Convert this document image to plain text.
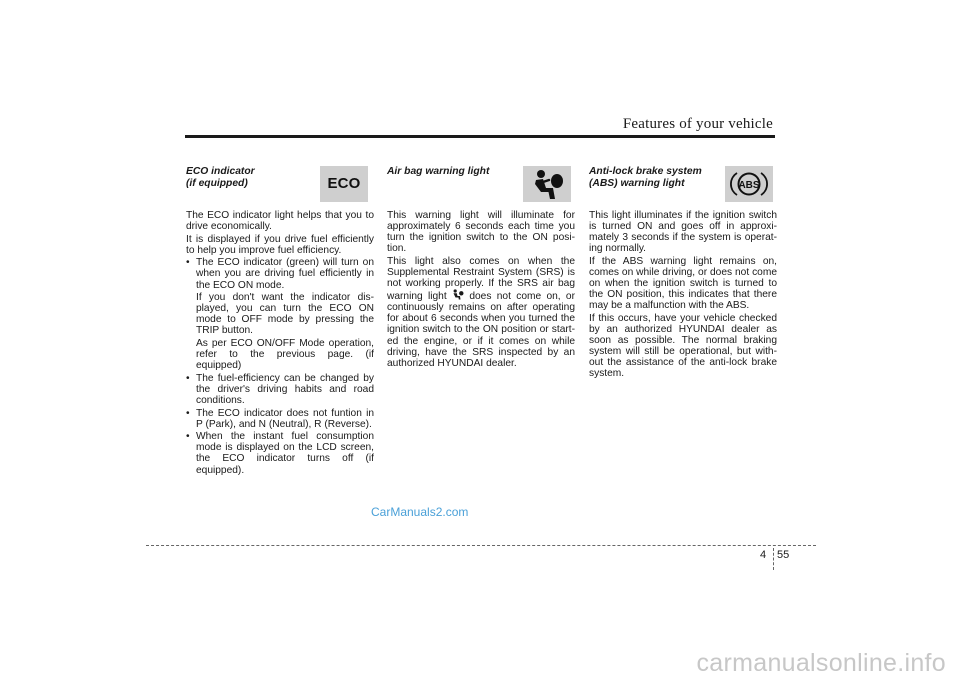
Features of your vehicle
ECO indicator
(if equipped)

The ECO indicator light helps that you to drive economically.

It is displayed if you drive fuel efficiently to help you improve fuel efficiency.

• The ECO indicator (green) will turn on when you are driving fuel efficiently in the ECO ON mode.
If you don't want the indicator dis- played, you can turn the ECO ON mode to OFF mode by pressing the TRIP button.
As per ECO ON/OFF Mode operation, refer to the previous page. (if equipped)
• The fuel-efficiency can be changed by the driver's driving habits and road conditions.
• The ECO indicator does not funtion in P (Park), and N (Neutral), R (Reverse).
• When the instant fuel consumption mode is displayed on the LCD screen, the ECO indicator turns off (if equipped).
ECO
Air bag warning light

This warning light will illuminate for approximately 6 seconds each time you turn the ignition switch to the ON posi- tion.

This light also comes on when the Supplemental Restraint System (SRS) is not working properly. If the SRS air bag warning light does not come on, or continuously remains on after operating for about 6 seconds when you turned the ignition switch to the ON position or start- ed the engine, or if it comes on while driving, have the SRS inspected by an authorized HYUNDAI dealer.

Anti-lock brake system
(ABS) warning light

This light illuminates if the ignition switch is turned ON and goes off in approxi- mately 3 seconds if the system is operat- ing normally.

If the ABS warning light remains on, comes on while driving, or does not come on when the ignition switch is turned to the ON position, this indicates that there may be a malfunction with the ABS.

If this occurs, have your vehicle checked by an authorized HYUNDAI dealer as soon as possible. The normal braking system will still be operational, but with- out the assistance of the anti-lock brake system.

ABS
CarManuals2.com
4 55
carmanualsonline.info
